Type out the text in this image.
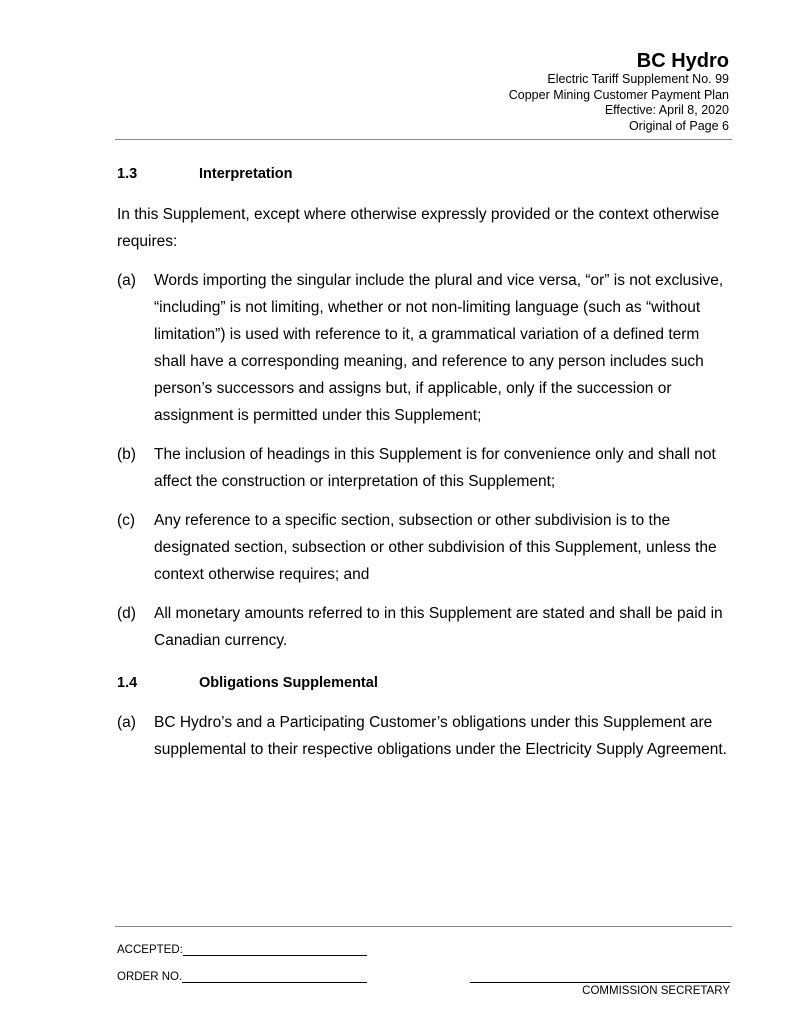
BC Hydro
Electric Tariff Supplement No. 99
Copper Mining Customer Payment Plan
Effective: April 8, 2020
Original of Page 6
1.3	Interpretation
In this Supplement, except where otherwise expressly provided or the context otherwise requires:
(a) Words importing the singular include the plural and vice versa, “or” is not exclusive, “including” is not limiting, whether or not non-limiting language (such as “without limitation”) is used with reference to it, a grammatical variation of a defined term shall have a corresponding meaning, and reference to any person includes such person’s successors and assigns but, if applicable, only if the succession or assignment is permitted under this Supplement;
(b) The inclusion of headings in this Supplement is for convenience only and shall not affect the construction or interpretation of this Supplement;
(c) Any reference to a specific section, subsection or other subdivision is to the designated section, subsection or other subdivision of this Supplement, unless the context otherwise requires; and
(d) All monetary amounts referred to in this Supplement are stated and shall be paid in Canadian currency.
1.4	Obligations Supplemental
(a) BC Hydro’s and a Participating Customer’s obligations under this Supplement are supplemental to their respective obligations under the Electricity Supply Agreement.
ACCEPTED:
ORDER NO.
COMMISSION SECRETARY
